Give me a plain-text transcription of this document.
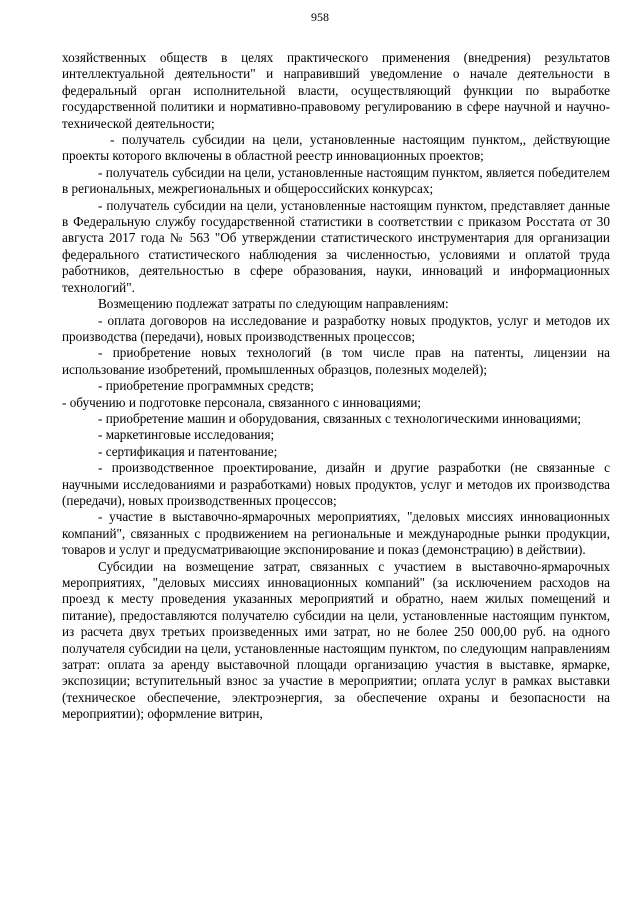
958

хозяйственных обществ в целях практического применения (внедрения) результатов интеллектуальной деятельности" и направивший уведомление о начале деятельности в федеральный орган исполнительной власти, осуществляющий функции по выработке государственной политики и нормативно-правовому регулированию в сфере научной и научно-технической деятельности;

- получатель субсидии на цели, установленные настоящим пунктом,, действующие проекты которого включены в областной реестр инновационных проектов;

- получатель субсидии на цели, установленные настоящим пунктом, является победителем в региональных, межрегиональных и общероссийских конкурсах;

- получатель субсидии на цели, установленные настоящим пунктом, представляет данные в Федеральную службу государственной статистики в соответствии с приказом Росстата от 30 августа 2017 года № 563 "Об утверждении статистического инструментария для организации федерального статистического наблюдения за численностью, условиями и оплатой труда работников, деятельностью в сфере образования, науки, инноваций и информационных технологий".

Возмещению подлежат затраты по следующим направлениям:

- оплата договоров на исследование и разработку новых продуктов, услуг и методов их производства (передачи), новых производственных процессов;

- приобретение новых технологий (в том числе прав на патенты, лицензии на использование изобретений, промышленных образцов, полезных моделей);

- приобретение программных средств;

- обучению и подготовке персонала, связанного с инновациями;

- приобретение машин и оборудования, связанных с технологическими инновациями;

- маркетинговые исследования;

- сертификация и патентование;

- производственное проектирование, дизайн и другие разработки (не связанные с научными исследованиями и разработками) новых продуктов, услуг и методов их производства (передачи), новых производственных процессов;

- участие в выставочно-ярмарочных мероприятиях, "деловых миссиях инновационных компаний", связанных с продвижением на региональные и международные рынки продукции, товаров и услуг и предусматривающие экспонирование и показ (демонстрацию) в действии).

Субсидии на возмещение затрат, связанных с участием в выставочно-ярмарочных мероприятиях, "деловых миссиях инновационных компаний" (за исключением расходов на проезд к месту проведения указанных мероприятий и обратно, наем жилых помещений и питание), предоставляются получателю субсидии на цели, установленные настоящим пунктом, из расчета двух третьих произведенных ими затрат, но не более 250 000,00 руб. на одного получателя субсидии на цели, установленные настоящим пунктом, по следующим направлениям затрат: оплата за аренду выставочной площади организацию участия в выставке, ярмарке, экспозиции; вступительный взнос за участие в мероприятии; оплата услуг в рамках выставки (техническое обеспечение, электроэнергия, за обеспечение охраны и безопасности на мероприятии); оформление витрин,
